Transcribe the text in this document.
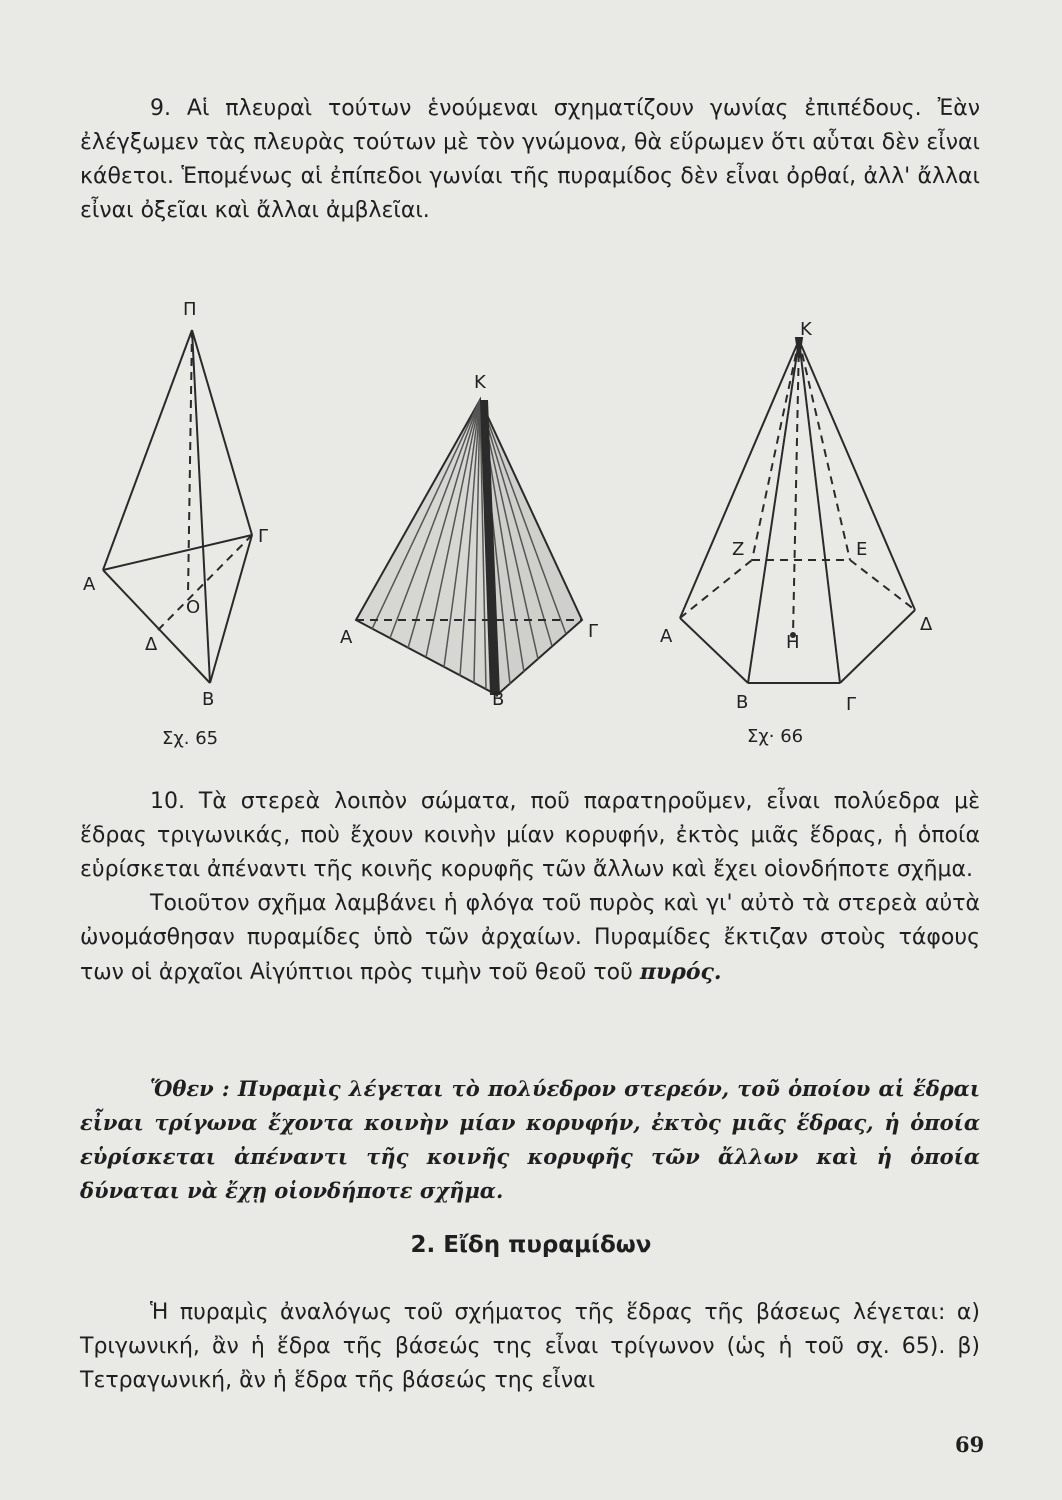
9. Αἱ πλευραὶ τούτων ἑνούμεναι σχηματίζουν γωνίας ἐπιπέδους. Ἐὰν ἐλέγξωμεν τὰς πλευρὰς τούτων μὲ τὸν γνώμονα, θὰ εὕρωμεν ὅτι αὗται δὲν εἶναι κάθετοι. Ἑπομένως αἱ ἐπίπεδοι γωνίαι τῆς πυραμίδος δὲν εἶναι ὀρθαί, ἀλλ' ἄλλαι εἶναι ὀξεῖαι καὶ ἄλλαι ἀμβλεῖαι.

Π
Α
Γ
Ο
Δ
Β
Κ
Α	Γ
Β
Κ
Ζ	Ε
Α
Δ
Η
Β	Γ
Σχ. 65	Σχ· 66

10. Τὰ στερεὰ λοιπὸν σώματα, ποῦ παρατηροῦμεν, εἶναι πολύεδρα μὲ ἕδρας τριγωνικάς, ποὺ ἔχουν κοινὴν μίαν κορυφήν, ἐκτὸς μιᾶς ἕδρας, ἡ ὁποία εὑρίσκεται ἀπέναντι τῆς κοινῆς κορυφῆς τῶν ἄλλων καὶ ἔχει οἱονδήποτε σχῆμα.
Τοιοῦτον σχῆμα λαμβάνει ἡ φλόγα τοῦ πυρὸς καὶ γι' αὐτὸ τὰ στερεὰ αὐτὰ ὠνομάσθησαν πυραμίδες ὑπὸ τῶν ἀρχαίων. Πυραμίδες ἔκτιζαν στοὺς τάφους των οἱ ἀρχαῖοι Αἰγύπτιοι πρὸς τιμὴν τοῦ θεοῦ τοῦ πυρός.

Ὅθεν : Πυραμὶς λέγεται τὸ πολύεδρον στερεόν, τοῦ ὁποίου αἱ ἕδραι εἶναι τρίγωνα ἔχοντα κοινὴν μίαν κορυφήν, ἐκτὸς μιᾶς ἕδρας, ἡ ὁποία εὑρίσκεται ἀπέναντι τῆς κοινῆς κορυφῆς τῶν ἄλλων καὶ ἡ ὁποία δύναται νὰ ἔχῃ οἱονδήποτε σχῆμα.

2. Εἴδη πυραμίδων

Ἡ πυραμὶς ἀναλόγως τοῦ σχήματος τῆς ἕδρας τῆς βάσεως λέγεται: α) Τριγωνική, ἂν ἡ ἕδρα τῆς βάσεώς της εἶναι τρίγωνον (ὡς ἡ τοῦ σχ. 65). β) Τετραγωνική, ἂν ἡ ἕδρα τῆς βάσεώς της εἶναι

69
